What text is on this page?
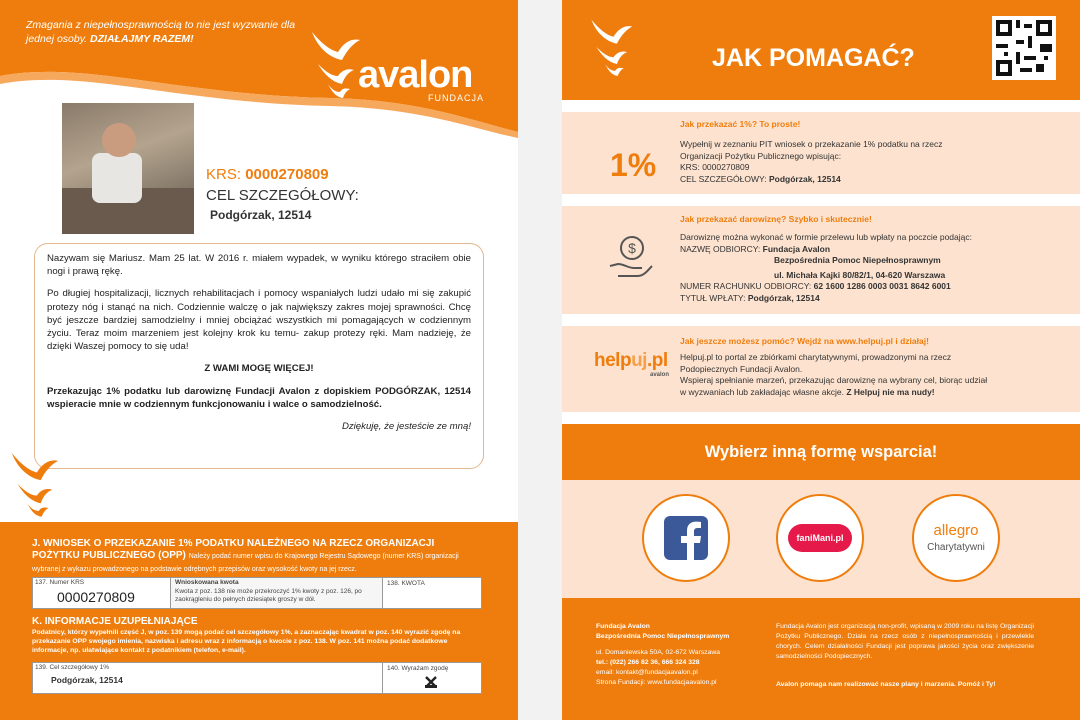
Zmagania z niepełnosprawnością to nie jest wyzwanie dla jednej osoby. DZIAŁAJMY RAZEM!
avalon
FUNDACJA
KRS: 0000270809
CEL SZCZEGÓŁOWY:
Podgórzak, 12514

Nazywam się Mariusz. Mam 25 lat. W 2016 r. miałem wypadek, w wyniku którego straciłem obie nogi i prawą rękę.

Po długiej hospitalizacji, licznych rehabilitacjach i pomocy wspaniałych ludzi udało mi się zakupić protezy nóg i stanąć na nich. Codziennie walczę o jak największy zakres mojej sprawności. Chcę być jeszcze bardziej samodzielny i mniej obciążać wszystkich mi pomagających w codziennym życiu. Teraz moim marzeniem jest kolejny krok ku temu- zakup protezy ręki. Mam nadzieję, że dzięki Waszej pomocy to się uda!

Z WAMI MOGĘ WIĘCEJ!

Przekazując 1% podatku lub darowiznę Fundacji Avalon z dopiskiem PODGÓRZAK, 12514 wspieracie mnie w codziennym funkcjonowaniu i walce o samodzielność.

Dziękuję, że jesteście ze mną!

J. WNIOSEK O PRZEKAZANIE 1% PODATKU NALEŻNEGO NA RZECZ ORGANIZACJI POŻYTKU PUBLICZNEGO (OPP) Należy podać numer wpisu do Krajowego Rejestru Sądowego (numer KRS) organizacji wybranej z wykazu prowadzonego na podstawie odrębnych przepisów oraz wysokość kwoty na jej rzecz.
137. Numer KRS
0000270809
Wnioskowana kwota
Kwota z poz. 138 nie może przekroczyć 1% kwoty z poz. 126, po zaokrągleniu do pełnych dziesiątek groszy w dół.
138. KWOTA
K. INFORMACJE UZUPEŁNIAJĄCE
Podatnicy, którzy wypełnili część J, w poz. 139 mogą podać cel szczegółowy 1%, a zaznaczając kwadrat w poz. 140 wyrazić zgodę na przekazanie OPP swojego imienia, nazwiska i adresu wraz z informacją o kwocie z poz. 138. W poz. 141 można podać dodatkowe informacje, np. ułatwiające kontakt z podatnikiem (telefon, e-mail).
139. Cel szczegółowy 1%
Podgórzak, 12514
140. Wyrażam zgodę
JAK POMAGAĆ?
1%
Jak przekazać 1%? To proste!
Wypełnij w zeznaniu PIT wniosek o przekazanie 1% podatku na rzecz
Organizacji Pożytku Publicznego wpisując:
KRS: 0000270809
CEL SZCZEGÓŁOWY: Podgórzak, 12514
$
Jak przekazać darowiznę? Szybko i skutecznie!
Darowiznę można wykonać w formie przelewu lub wpłaty na poczcie podając:
NAZWĘ ODBIORCY: Fundacja Avalon
Bezpośrednia Pomoc Niepełnosprawnym
ul. Michała Kajki 80/82/1, 04-620 Warszawa
NUMER RACHUNKU ODBIORCY: 62 1600 1286 0003 0031 8642 6001
TYTUŁ WPŁATY: Podgórzak, 12514
helpuj.pl
avalon
Jak jeszcze możesz pomóc? Wejdź na www.helpuj.pl i działaj!
Helpuj.pl to portal ze zbiórkami charytatywnymi, prowadzonymi na rzecz
Podopiecznych Fundacji Avalon.
Wspieraj spełnianie marzeń, przekazując darowiznę na wybrany cel, biorąc udział
w wyzwaniach lub zakładając własne akcje. Z Helpuj nie ma nudy!
Wybierz inną formę wsparcia!
faniMani.pl	allegro
Charytatywni
Fundacja Avalon
Bezpośrednia Pomoc Niepełnosprawnym
ul. Domaniewska 50A, 02-672 Warszawa
tel.: (022) 266 82 36, 666 324 328
email: kontakt@fundacjaavalon.pl
Strona Fundacji: www.fundacjaavalon.pl
Fundacja Avalon jest organizacją non-profit, wpisaną w 2009 roku na listę Organizacji Pożytku Publicznego. Działa na rzecz osób z niepełnosprawnością i przewlekle chorych. Celem działalności Fundacji jest poprawa jakości życia oraz zwiększenie samodzielności Podopiecznych.
Avalon pomaga nam realizować nasze plany i marzenia. Pomóż i Ty!
